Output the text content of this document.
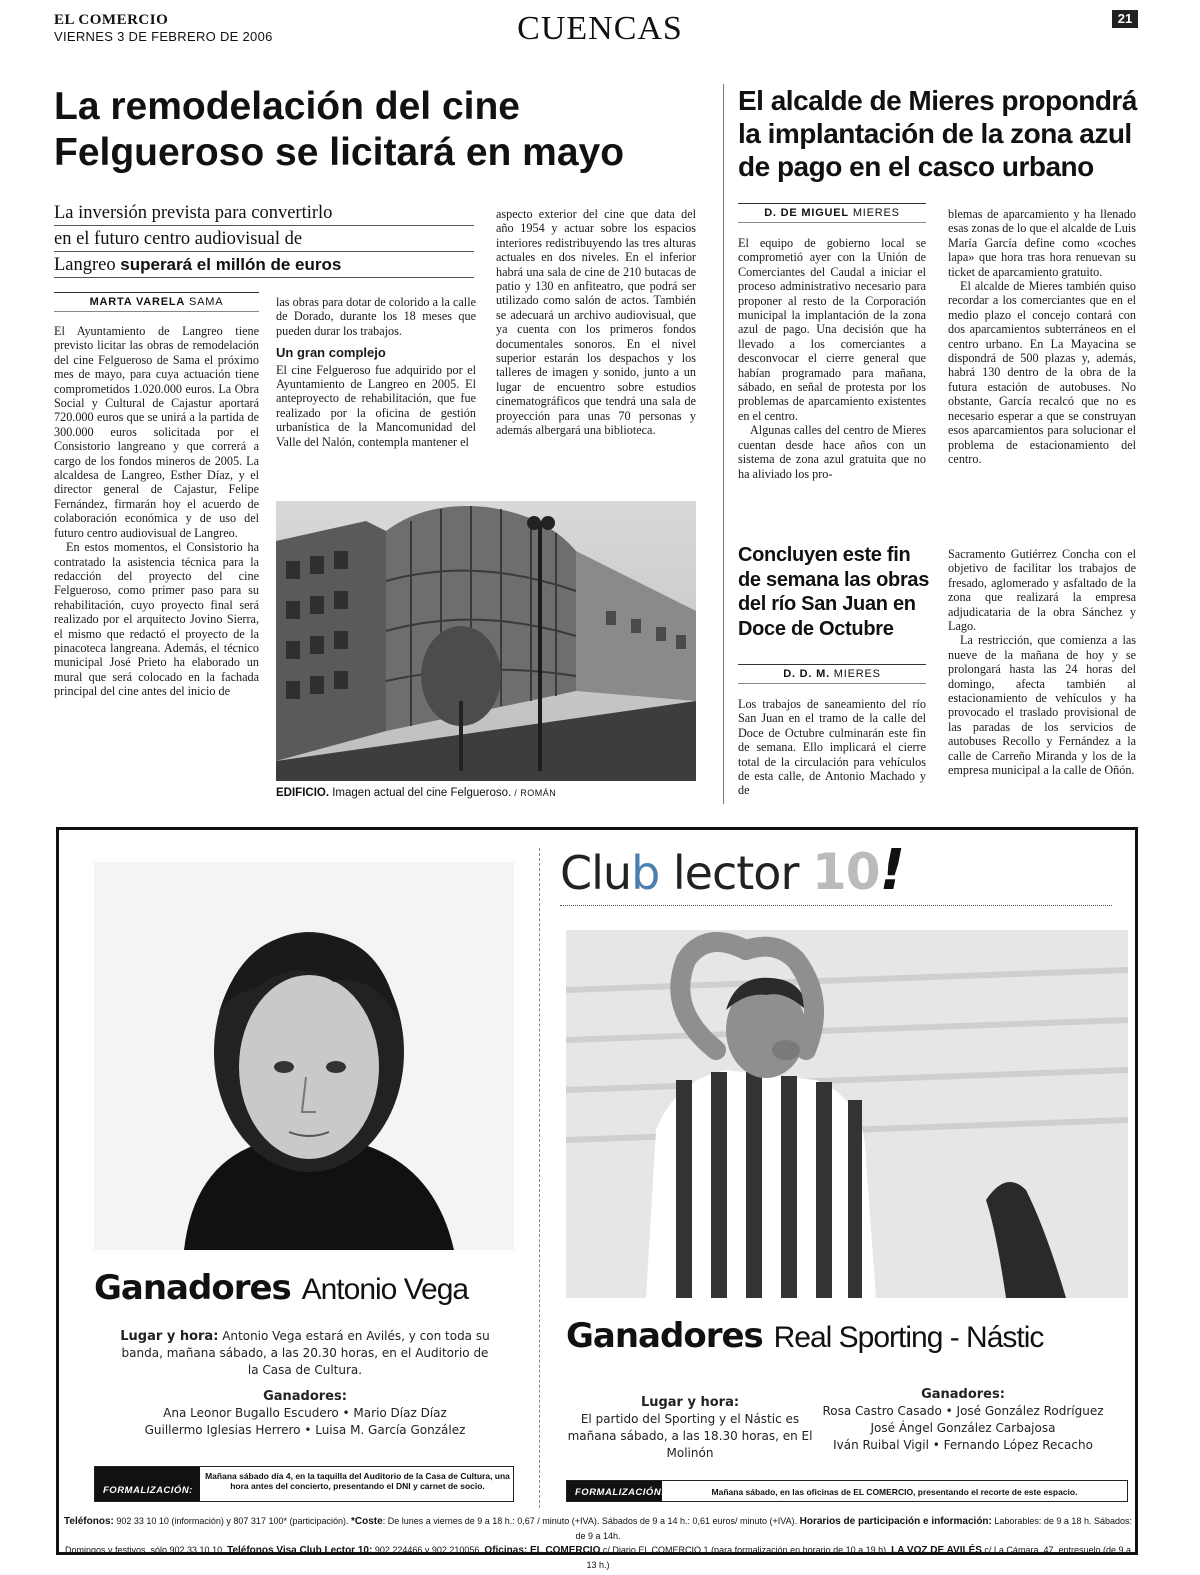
EL COMERCIO
VIERNES 3 DE FEBRERO DE 2006	CUENCAS	21
La remodelación del cine Felgueroso se licitará en mayo
La inversión prevista para convertirlo
en el futuro centro audiovisual de
Langreo superará el millón de euros
MARTA VARELA SAMA

El Ayuntamiento de Langreo tiene previsto licitar las obras de remodelación del cine Felgueroso de Sama el próximo mes de mayo, para cuya actuación tiene comprometidos 1.020.000 euros. La Obra Social y Cultural de Cajastur aportará 720.000 euros que se unirá a la partida de 300.000 euros solicitada por el Consistorio langreano y que correrá a cargo de los fondos mineros de 2005. La alcaldesa de Langreo, Esther Díaz, y el director general de Cajastur, Felipe Fernández, firmarán hoy el acuerdo de colaboración económica y de uso del futuro centro audiovisual de Langreo.

En estos momentos, el Consistorio ha contratado la asistencia técnica para la redacción del proyecto del cine Felgueroso, como primer paso para su rehabilitación, cuyo proyecto final será realizado por el arquitecto Jovino Sierra, el mismo que redactó el proyecto de la pinacoteca langreana. Además, el técnico municipal José Prieto ha elaborado un mural que será colocado en la fachada principal del cine antes del inicio de

las obras para dotar de colorido a la calle de Dorado, durante los 18 meses que pueden durar los trabajos.

Un gran complejo

El cine Felgueroso fue adquirido por el Ayuntamiento de Langreo en 2005. El anteproyecto de rehabilitación, que fue realizado por la oficina de gestión urbanística de la Mancomunidad del Valle del Nalón, contempla mantener el

aspecto exterior del cine que data del año 1954 y actuar sobre los espacios interiores redistribuyendo las tres alturas actuales en dos niveles. En el inferior habrá una sala de cine de 210 butacas de patio y 130 en anfiteatro, que podrá ser utilizado como salón de actos. También se adecuará un archivo audiovisual, que ya cuenta con los primeros fondos documentales sonoros. En el nivel superior estarán los despachos y los talleres de imagen y sonido, junto a un lugar de encuentro sobre estudios cinematográficos que tendrá una sala de proyección para unas 70 personas y además albergará una biblioteca.

EDIFICIO. Imagen actual del cine Felgueroso. / ROMÁN
El alcalde de Mieres propondrá la implantación de la zona azul de pago en el casco urbano
D. DE MIGUEL MIERES

El equipo de gobierno local se comprometió ayer con la Unión de Comerciantes del Caudal a iniciar el proceso administrativo necesario para proponer al resto de la Corporación municipal la implantación de la zona azul de pago. Una decisión que ha llevado a los comerciantes a desconvocar el cierre general que habían programado para mañana, sábado, en señal de protesta por los problemas de aparcamiento existentes en el centro.

Algunas calles del centro de Mieres cuentan desde hace años con un sistema de zona azul gratuita que no ha aliviado los pro-

blemas de aparcamiento y ha llenado esas zonas de lo que el alcalde de Luis María García define como «coches lapa» que hora tras hora renuevan su ticket de aparcamiento gratuito.

El alcalde de Mieres también quiso recordar a los comerciantes que en el medio plazo el concejo contará con dos aparcamientos subterráneos en el centro urbano. En La Mayacina se dispondrá de 500 plazas y, además, habrá 130 dentro de la obra de la futura estación de autobuses. No obstante, García recalcó que no es necesario esperar a que se construyan esos aparcamientos para solucionar el problema de estacionamiento del centro.

Concluyen este fin de semana las obras del río San Juan en Doce de Octubre
D. D. M. MIERES

Los trabajos de saneamiento del río San Juan en el tramo de la calle del Doce de Octubre culminarán este fin de semana. Ello implicará el cierre total de la circulación para vehículos de esta calle, de Antonio Machado y de

Sacramento Gutiérrez Concha con el objetivo de facilitar los trabajos de fresado, aglomerado y asfaltado de la zona que realizará la empresa adjudicataria de la obra Sánchez y Lago.

La restricción, que comienza a las nueve de la mañana de hoy y se prolongará hasta las 24 horas del domingo, afecta también al estacionamiento de vehículos y ha provocado el traslado provisional de las paradas de los servicios de autobuses Recollo y Fernández a la calle de Carreño Miranda y los de la empresa municipal a la calle de Oñón.

Ganadores Antonio Vega
Lugar y hora: Antonio Vega estará en Avilés, y con toda su banda, mañana sábado, a las 20.30 horas, en el Auditorio de la Casa de Cultura.
Ganadores:
Ana Leonor Bugallo Escudero • Mario Díaz Díaz
Guillermo Iglesias Herrero • Luisa M. García González
FORMALIZACIÓN:
Mañana sábado día 4, en la taquilla del Auditorio de la Casa de Cultura, una hora antes del concierto, presentando el DNI y carnet de socio.
Club lector 10!
Ganadores Real Sporting - Nástic
Lugar y hora:
El partido del Sporting y el Nástic es mañana sábado, a las 18.30 horas, en El Molinón
Ganadores:
Rosa Castro Casado • José González Rodríguez
José Ángel González Carbajosa
Iván Ruibal Vigil • Fernando López Recacho
FORMALIZACIÓN:	Mañana sábado, en las oficinas de EL COMERCIO, presentando el recorte de este espacio.
Teléfonos: 902 33 10 10 (información) y 807 317 100* (participación). *Coste: De lunes a viernes de 9 a 18 h.: 0,67 / minuto (+IVA). Sábados de 9 a 14 h.: 0,61 euros/ minuto (+IVA). Horarios de participación e información: Laborables: de 9 a 18 h. Sábados: de 9 a 14h.
Domingos y festivos, sólo 902 33 10 10. Teléfonos Visa Club Lector 10: 902 224466 y 902 210056. Oficinas: EL COMERCIO c/ Diario EL COMERCIO 1 (para formalización en horario de 10 a 19 h). LA VOZ DE AVILÉS c/ La Cámara, 47, entresuelo (de 9 a 13 h.)
